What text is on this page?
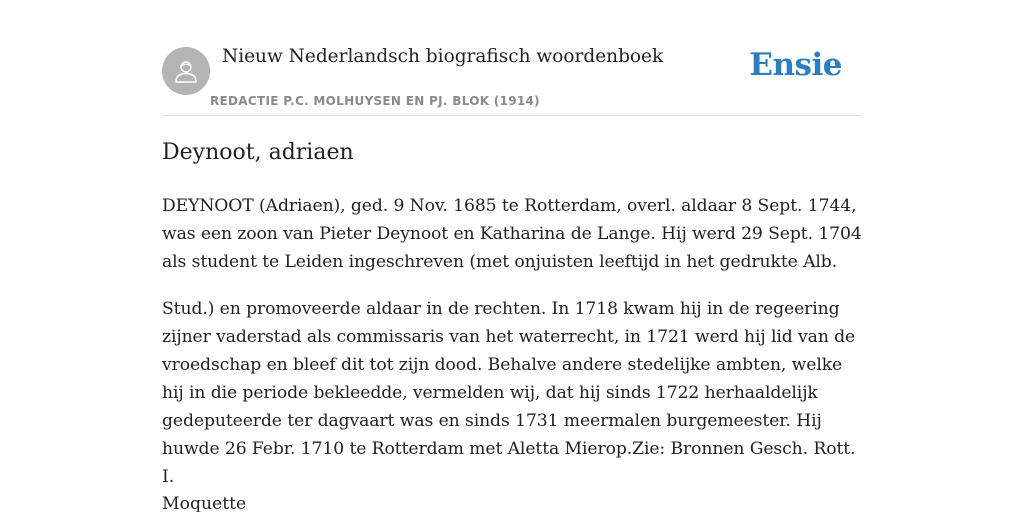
Nieuw Nederlandsch biografisch woordenboek
REDACTIE P.C. MOLHUYSEN EN PJ. BLOK (1914)
Ensie
Deynoot, adriaen

DEYNOOT (Adriaen), ged. 9 Nov. 1685 te Rotterdam, overl. aldaar 8 Sept. 1744, was een zoon van Pieter Deynoot en Katharina de Lange. Hij werd 29 Sept. 1704 als student te Leiden ingeschreven (met onjuisten leeftijd in het gedrukte Alb.

Stud.) en promoveerde aldaar in de rechten. In 1718 kwam hij in de regeering zijner vaderstad als commissaris van het waterrecht, in 1721 werd hij lid van de vroedschap en bleef dit tot zijn dood. Behalve andere stedelijke ambten, welke hij in die periode bekleedde, vermelden wij, dat hij sinds 1722 herhaaldelijk gedeputeerde ter dagvaart was en sinds 1731 meermalen burgemeester. Hij huwde 26 Febr. 1710 te Rotterdam met Aletta Mierop.Zie: Bronnen Gesch. Rott. I.

Moquette
